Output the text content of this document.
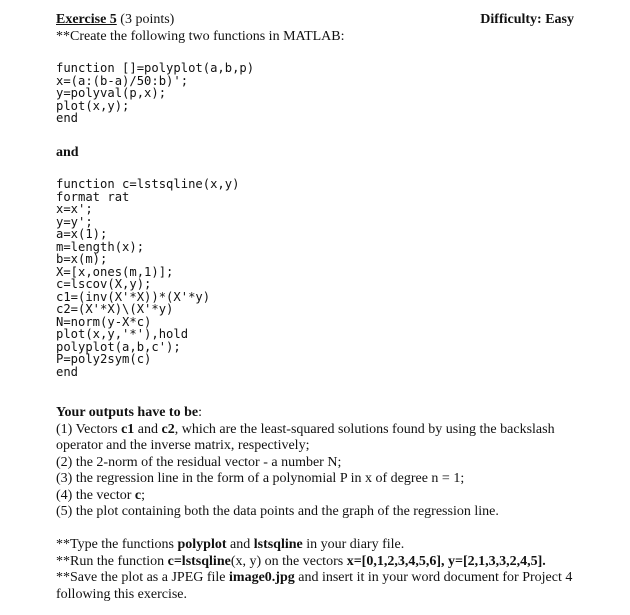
Exercise 5 (3 points)	Difficulty: Easy
**Create the following two functions in MATLAB:
function []=polyplot(a,b,p)
x=(a:(b-a)/50:b)';
y=polyval(p,x);
plot(x,y);
end
and
function c=lstsqline(x,y)
format rat
x=x';
y=y';
a=x(1);
m=length(x);
b=x(m);
X=[x,ones(m,1)];
c=lscov(X,y);
c1=(inv(X'*X))*(X'*y)
c2=(X'*X)\(X'*y)
N=norm(y-X*c)
plot(x,y,'*'),hold
polyplot(a,b,c');
P=poly2sym(c)
end
Your outputs have to be:
(1) Vectors c1 and c2, which are the least-squared solutions found by using the backslash
operator and the inverse matrix, respectively;
(2) the 2-norm of the residual vector - a number N;
(3) the regression line in the form of a polynomial P in x of degree n = 1;
(4) the vector c;
(5) the plot containing both the data points and the graph of the regression line.
**Type the functions polyplot and lstsqline in your diary file.
**Run the function c=lstsqline(x, y) on the vectors x=[0,1,2,3,4,5,6], y=[2,1,3,3,2,4,5].
**Save the plot as a JPEG file image0.jpg and insert it in your word document for Project 4
following this exercise.
